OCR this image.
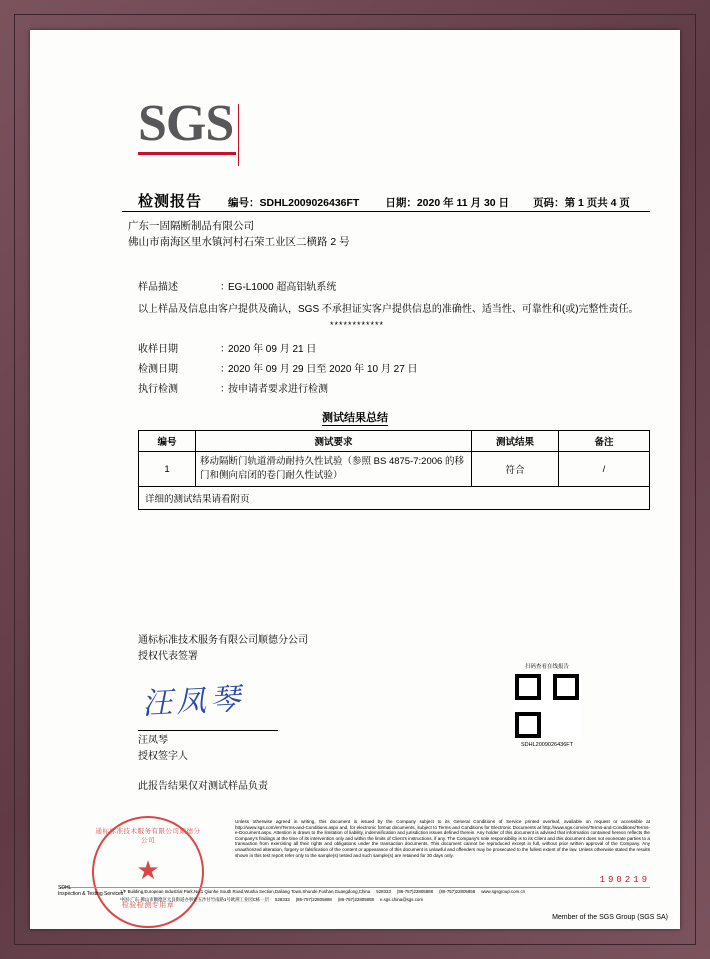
SGS
检测报告 编号：SDHL2009026436FT 日期：2020 年 11 月 30 日 页码：第 1 页共 4 页
广东一固隔断制品有限公司
佛山市南海区里水镇河村石荣工业区二横路 2 号
样品描述	：
EG-L1000 超高铝轨系统
以上样品及信息由客户提供及确认，SGS 不承担证实客户提供信息的准确性、适当性、可靠性和(或)完整性责任。
************
收样日期	：
2020 年 09 月 21 日
检测日期	：
2020 年 09 月 29 日至 2020 年 10 月 27 日
执行检测	：
按申请者要求进行检测
测试结果总结
编号	测试要求	测试结果	备注
1	移动隔断门轨道滑动耐持久性试验（参照 BS 4875-7:2006 的移门和侧向启闭的卷门耐久性试验）	符合	/
详细的测试结果请看附页			
通标标准技术服务有限公司顺德分公司
授权代表签署
汪凤琴
汪凤琴
授权签字人
此报告结果仅对测试样品负责
扫码查看在线报告
SDHL2009026436FT
通标标准技术服务有限公司顺德分公司
★
检验检测专用章
Unless otherwise agreed in writing, this document is issued by the Company subject to its General Conditions of Service printed overleaf, available on request or accessible at http://www.sgs.com/en/Terms-and-Conditions.aspx and, for electronic format documents, subject to Terms and Conditions for Electronic Documents at http://www.sgs.com/en/Terms-and-Conditions/Terms-e-Document.aspx. Attention is drawn to the limitation of liability, indemnification and jurisdiction issues defined therein. Any holder of this document is advised that information contained hereon reflects the Company's findings at the time of its intervention only and within the limits of Client's instructions, if any. The Company's sole responsibility is to its Client and this document does not exonerate parties to a transaction from exercising all their rights and obligations under the transaction documents. This document cannot be reproduced except in full, without prior written approval of the Company. Any unauthorized alteration, forgery or falsification of the content or appearance of this document is unlawful and offenders may be prosecuted to the fullest extent of the law. Unless otherwise stated the results shown in this test report refer only to the sample(s) tested and such sample(s) are retained for 30 days only.
190219
SDHL
Inspection & Testing Services
1/F Building,European Industrial Park,No.1 Qiunhe South Road,Wusha Section,Daliang Town,Shunde,Foshan,Guangdong,China 528333 (86-757)22805888 (86-757)22805858 www.sgsgroup.com.cn
中国·广东·佛山市顺德区大良街道办事处五沙甘竹南路1号欧洲工业园C栋一层 528333 (86-757)22805888 (86-757)22805858 e.sgs.china@sgs.com
Member of the SGS Group (SGS SA)
